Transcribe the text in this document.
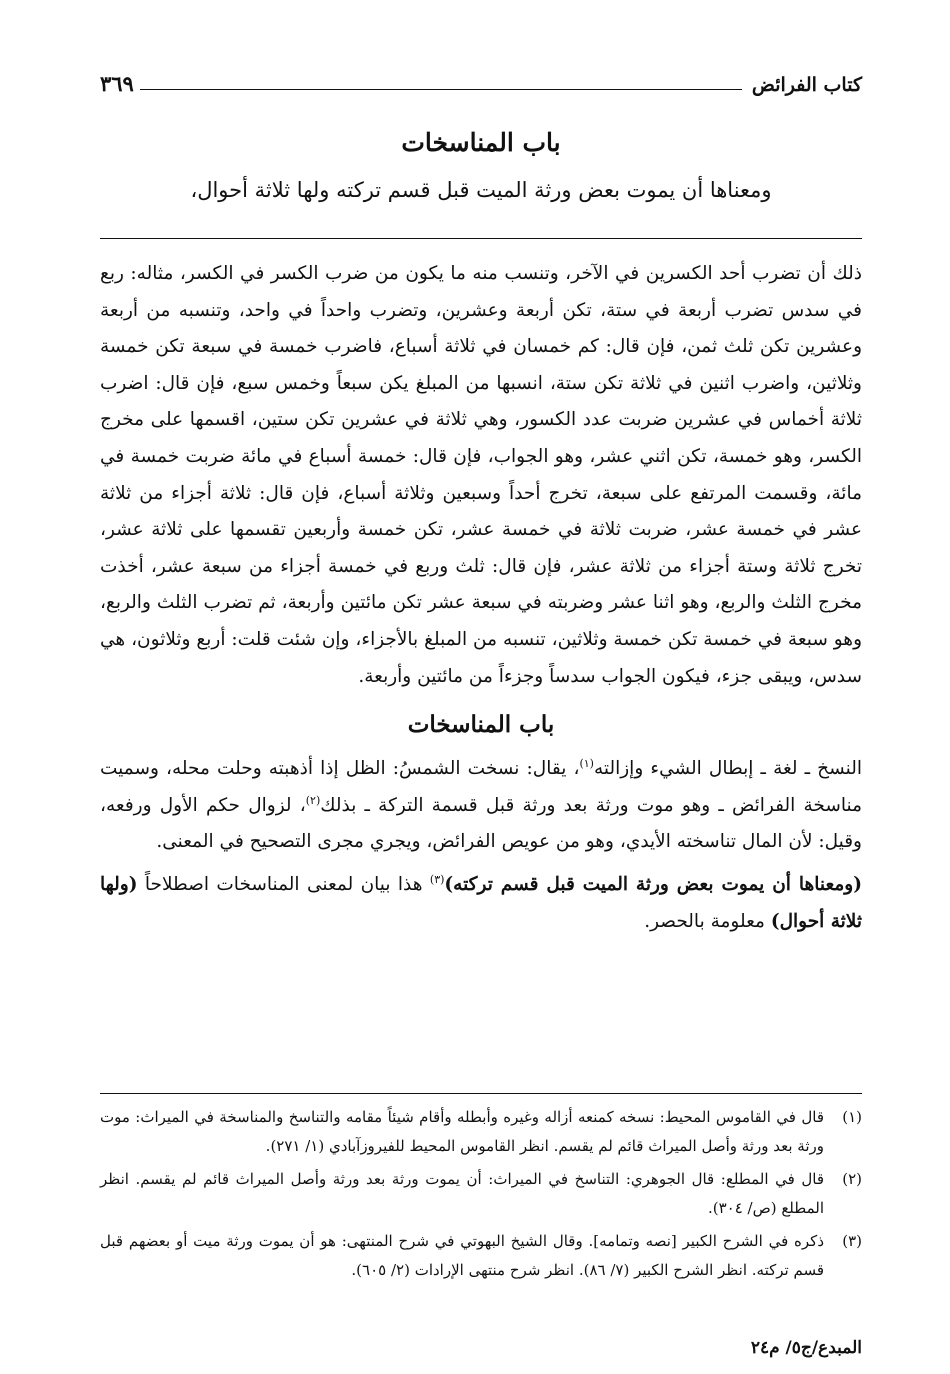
كتاب الفرائض
٣٦٩
باب المناسخات
ومعناها أن يموت بعض ورثة الميت قبل قسم تركته ولها ثلاثة أحوال،

ذلك أن تضرب أحد الكسرين في الآخر، وتنسب منه ما يكون من ضرب الكسر في الكسر، مثاله: ربع في سدس تضرب أربعة في ستة، تكن أربعة وعشرين، وتضرب واحداً في واحد، وتنسبه من أربعة وعشرين تكن ثلث ثمن، فإن قال: كم خمسان في ثلاثة أسباع، فاضرب خمسة في سبعة تكن خمسة وثلاثين، واضرب اثنين في ثلاثة تكن ستة، انسبها من المبلغ يكن سبعاً وخمس سبع، فإن قال: اضرب ثلاثة أخماس في عشرين ضربت عدد الكسور، وهي ثلاثة في عشرين تكن ستين، اقسمها على مخرج الكسر، وهو خمسة، تكن اثني عشر، وهو الجواب، فإن قال: خمسة أسباع في مائة ضربت خمسة في مائة، وقسمت المرتفع على سبعة، تخرج أحداً وسبعين وثلاثة أسباع، فإن قال: ثلاثة أجزاء من ثلاثة عشر في خمسة عشر، ضربت ثلاثة في خمسة عشر، تكن خمسة وأربعين تقسمها على ثلاثة عشر، تخرج ثلاثة وستة أجزاء من ثلاثة عشر، فإن قال: ثلث وربع في خمسة أجزاء من سبعة عشر، أخذت مخرج الثلث والربع، وهو اثنا عشر وضربته في سبعة عشر تكن مائتين وأربعة، ثم تضرب الثلث والربع، وهو سبعة في خمسة تكن خمسة وثلاثين، تنسبه من المبلغ بالأجزاء، وإن شئت قلت: أربع وثلاثون، هي سدس، ويبقى جزء، فيكون الجواب سدساً وجزءاً من مائتين وأربعة.

باب المناسخات

النسخ ـ لغة ـ إبطال الشيء وإزالته$^{(١)}$، يقال: نسخت الشمسُ: الظل إذا أذهبته وحلت محله، وسميت مناسخة الفرائض ـ وهو موت ورثة بعد ورثة قبل قسمة التركة ـ بذلك$^{(٢)}$، لزوال حكم الأول ورفعه، وقيل: لأن المال تناسخته الأيدي، وهو من عويص الفرائض، ويجري مجرى التصحيح في المعنى.

(ومعناها أن يموت بعض ورثة الميت قبل قسم تركته)$^{(٣)}$ هذا بيان لمعنى المناسخات اصطلاحاً (ولها ثلاثة أحوال) معلومة بالحصر.

(١)
قال في القاموس المحيط: نسخه كمنعه أزاله وغيره وأبطله وأقام شيئاً مقامه والتناسخ والمناسخة في الميراث: موت ورثة بعد ورثة وأصل الميراث قائم لم يقسم. انظر القاموس المحيط للفيروزآبادي (١/ ٢٧١).
(٢)
قال في المطلع: قال الجوهري: التناسخ في الميراث: أن يموت ورثة بعد ورثة وأصل الميراث قائم لم يقسم. انظر المطلع (ص/ ٣٠٤).
(٣)
ذكره في الشرح الكبير [نصه وتمامه]. وقال الشيخ البهوتي في شرح المنتهى: هو أن يموت ورثة ميت أو بعضهم قبل قسم تركته. انظر الشرح الكبير (٧/ ٨٦). انظر شرح منتهى الإرادات (٢/ ٦٠٥).
المبدع/ج٥/ م٢٤
